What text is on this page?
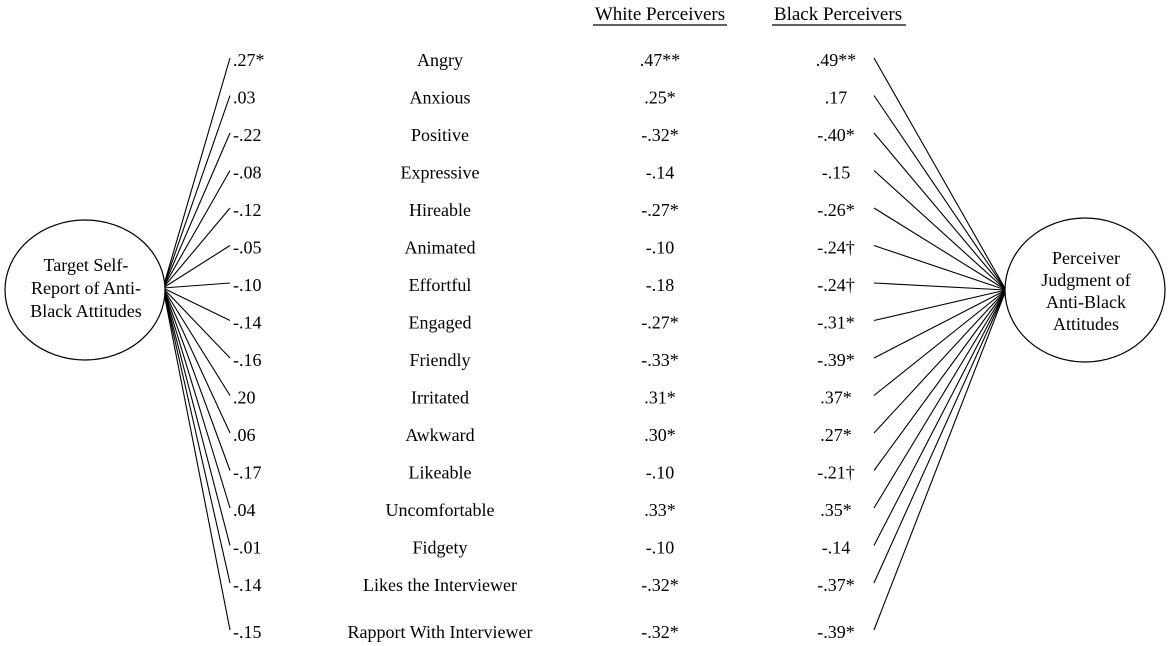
White Perceivers	Black Perceivers
Target Self-
Report of Anti-
Black Attitudes
Perceiver
Judgment of
Anti-Black
Attitudes
.27*	Angry	.47**	.49**
.03	Anxious	.25*	.17
-.22	Positive	-.32*	-.40*
-.08	Expressive	-.14	-.15
-.12	Hireable	-.27*	-.26*
-.05	Animated	-.10	-.24†
-.10	Effortful	-.18	-.24†
-.14	Engaged	-.27*	-.31*
-.16	Friendly	-.33*	-.39*
.20	Irritated	.31*	.37*
.06	Awkward	.30*	.27*
-.17	Likeable	-.10	-.21†
.04	Uncomfortable	.33*	.35*
-.01	Fidgety	-.10	-.14
-.14	Likes the Interviewer	-.32*	-.37*
-.15	Rapport With Interviewer	-.32*	-.39*
